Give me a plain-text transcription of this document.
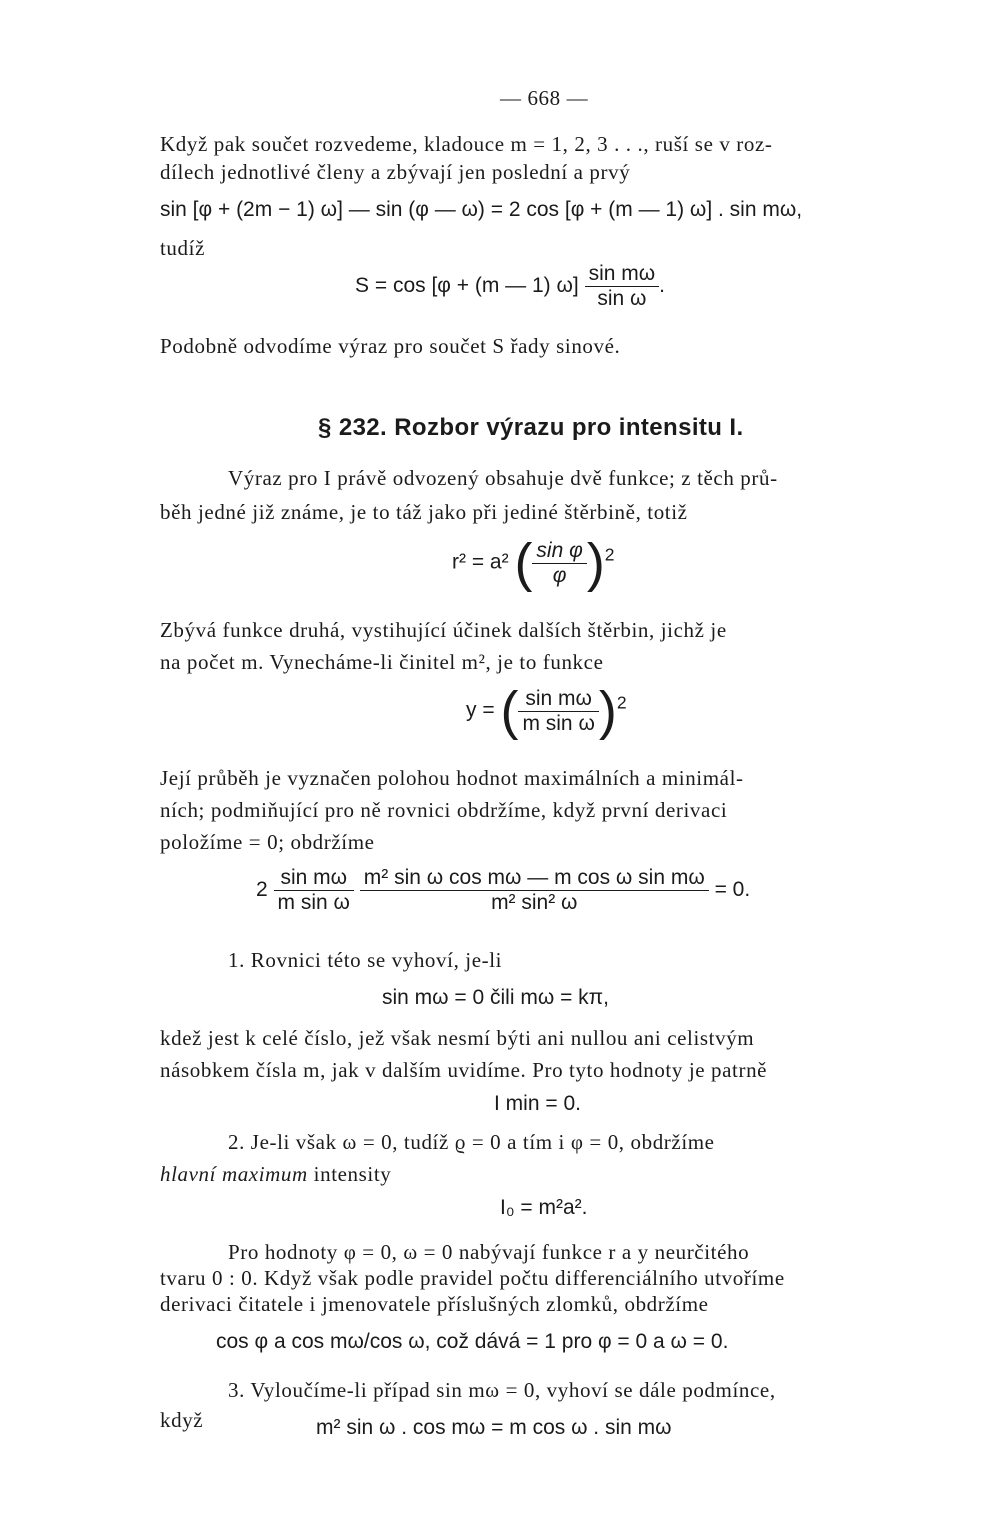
— 668 —
Když pak součet rozvedeme, kladouce m = 1, 2, 3 . . ., ruší se v roz-
dílech jednotlivé členy a zbývají jen poslední a prvý
sin [φ + (2m − 1) ω] — sin (φ — ω) = 2 cos [φ + (m — 1) ω] . sin mω,
tudíž
S = cos [φ + (m — 1) $\omega] \frac{\text{sin mω}}{\text{sin ω}}$ .
Podobně odvodíme výraz pro součet S řady sinové.
§ 232. Rozbor výrazu pro intensitu I.
Výraz pro I právě odvozený obsahuje dvě funkce; z těch prů-
běh jedné již známe, je to táž jako při jediné štěrbině, totiž
r² = a² ( $\frac{\text{sin φ}}{\varphi} )^2$
Zbývá funkce druhá, vystihující účinek dalších štěrbin, jichž je
na počet m. Vynecháme-li činitel m², je to funkce
y = ( $\frac{\text{sin mω}}{\text{m sin ω}} )^2$
Její průběh je vyznačen polohou hodnot maximálních a minimál-
ních; podmiňující pro ně rovnici obdržíme, když první derivaci
položíme = 0; obdržíme
$2 \frac{\text{sin mω}}{\text{m sin ω}}$
$\frac{\text{m² sin ω cos mω — m cos ω sin mω}}{\text{m² sin² ω}} = 0$.
1. Rovnici této se vyhoví, je-li
sin mω = 0 čili mω = kπ,
kdež jest k celé číslo, jež však nesmí býti ani nullou ani celistvým
násobkem čísla m, jak v dalším uvidíme. Pro tyto hodnoty je patrně
I min = 0.
2. Je-li však ω = 0, tudíž ϱ = 0 a tím i φ = 0, obdržíme
hlavní maximum intensity
I₀ = m²a².
Pro hodnoty φ = 0, ω = 0 nabývají funkce r a y neurčitého
tvaru 0 : 0. Když však podle pravidel počtu differenciálního utvoříme
derivaci čitatele i jmenovatele příslušných zlomků, obdržíme
cos φ a cos mω/cos ω, což dává = 1 pro φ = 0 a ω = 0.
3. Vyloučíme-li případ sin mω = 0, vyhoví se dále podmínce,
když	m² sin ω . cos mω = m cos ω . sin mω
